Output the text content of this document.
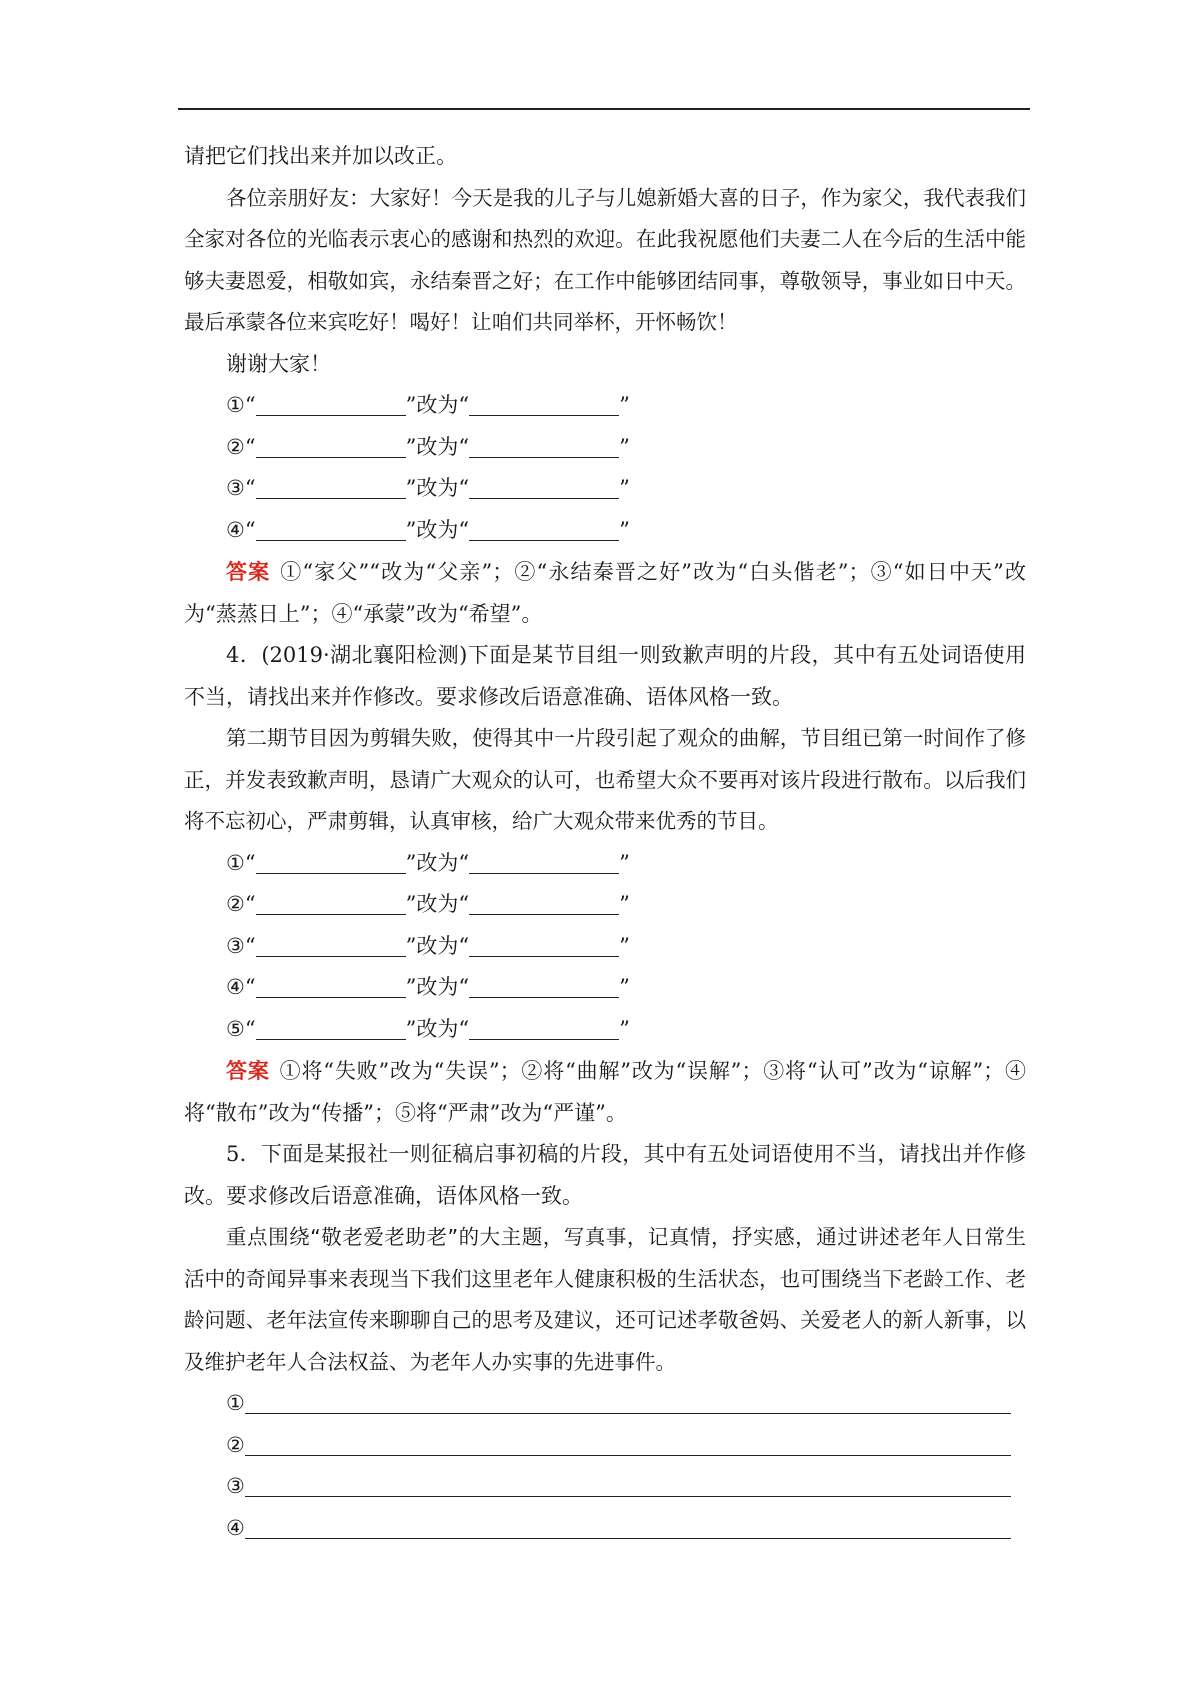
请把它们找出来并加以改正。

各位亲朋好友：大家好！今天是我的儿子与儿媳新婚大喜的日子，作为家父，我代表我们全家对各位的光临表示衷心的感谢和热烈的欢迎。在此我祝愿他们夫妻二人在今后的生活中能够夫妻恩爱，相敬如宾，永结秦晋之好；在工作中能够团结同事，尊敬领导，事业如日中天。最后承蒙各位来宾吃好！喝好！让咱们共同举杯，开怀畅饮！

谢谢大家！

①“	”改为“	”

②“	”改为“	”

③“	”改为“	”

④“	”改为“	”

答案 ①“家父”“改为“父亲”；②“永结秦晋之好”改为“白头偕老”；③“如日中天”改 为“蒸蒸日上”；④“承蒙”改为“希望”。

4．(2019·湖北襄阳检测)下面是某节目组一则致歉声明的片段，其中有五处词语使用不当，请找出来并作修改。要求修改后语意准确、语体风格一致。

第二期节目因为剪辑失败，使得其中一片段引起了观众的曲解，节目组已第一时间作了修正，并发表致歉声明，恳请广大观众的认可，也希望大众不要再对该片段进行散布。以后我们将不忘初心，严肃剪辑，认真审核，给广大观众带来优秀的节目。

①“	”改为“	”

②“	”改为“	”

③“	”改为“	”

④“	”改为“	”

⑤“	”改为“	”

答案 ①将“失败”改为“失误”；②将“曲解”改为“误解”；③将“认可”改为“谅解”；④将“散布”改为“传播”；⑤将“严肃”改为“严谨”。

5．下面是某报社一则征稿启事初稿的片段，其中有五处词语使用不当，请找出并作修改。要求修改后语意准确，语体风格一致。

重点围绕“敬老爱老助老”的大主题，写真事，记真情，抒实感，通过讲述老年人日常生活中的奇闻异事来表现当下我们这里老年人健康积极的生活状态，也可围绕当下老龄工作、老龄问题、老年法宣传来聊聊自己的思考及建议，还可记述孝敬爸妈、关爱老人的新人新事，以及维护老年人合法权益、为老年人办实事的先进事件。

①

②

③

④
